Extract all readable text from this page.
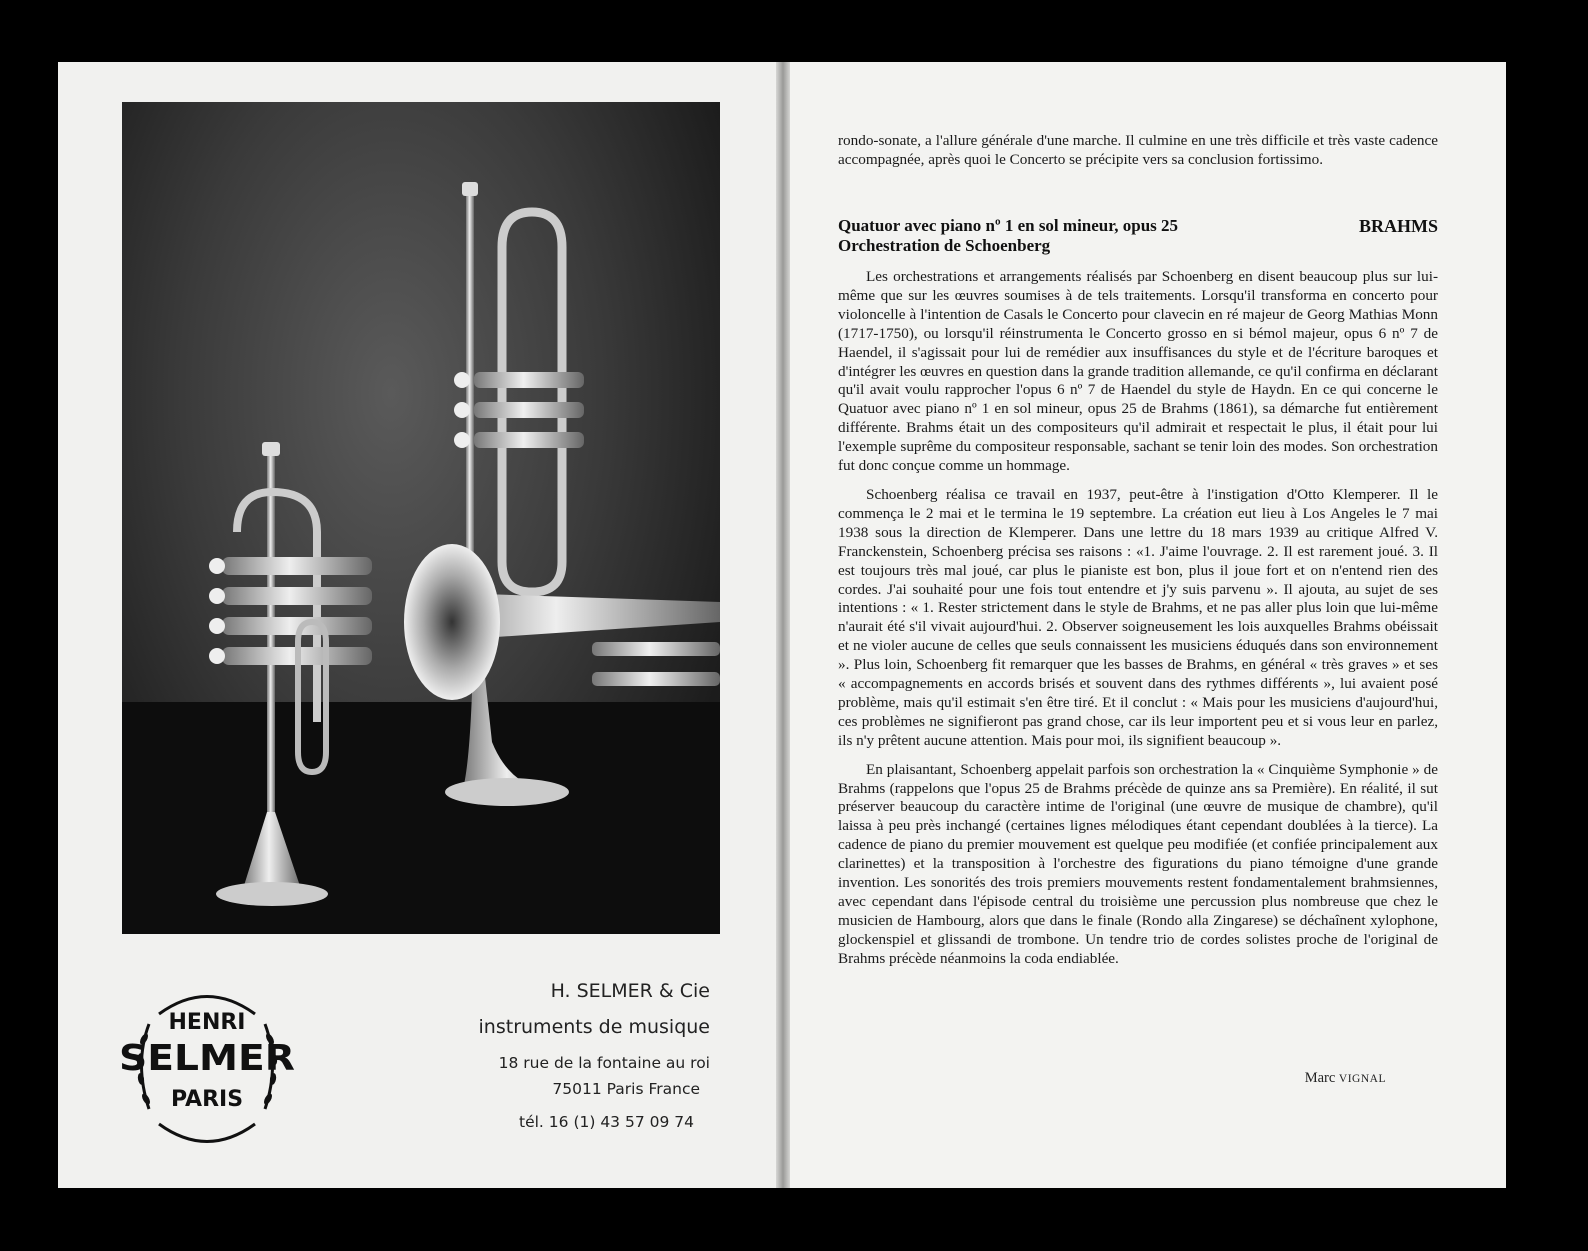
HENRI
SELMER
PARIS
H. SELMER & Cie
instruments de musique
18 rue de la fontaine au roi
75011 Paris France
tél. 16 (1) 43 57 09 74

rondo-sonate, a l'allure générale d'une marche. Il culmine en une très difficile et très vaste cadence accompagnée, après quoi le Concerto se précipite vers sa conclusion fortissimo.

Quatuor avec piano nº 1 en sol mineur, opus 25
Orchestration de Schoenberg
BRAHMS

Les orchestrations et arrangements réalisés par Schoenberg en disent beaucoup plus sur lui-même que sur les œuvres soumises à de tels traitements. Lorsqu'il transforma en concerto pour violoncelle à l'intention de Casals le Concerto pour clavecin en ré majeur de Georg Mathias Monn (1717-1750), ou lorsqu'il réinstrumenta le Concerto grosso en si bémol majeur, opus 6 nº 7 de Haendel, il s'agissait pour lui de remédier aux insuffisances du style et de l'écriture baroques et d'intégrer les œuvres en question dans la grande tradition allemande, ce qu'il confirma en déclarant qu'il avait voulu rapprocher l'opus 6 nº 7 de Haendel du style de Haydn. En ce qui concerne le Quatuor avec piano nº 1 en sol mineur, opus 25 de Brahms (1861), sa démarche fut entièrement différente. Brahms était un des compositeurs qu'il admirait et respectait le plus, il était pour lui l'exemple suprême du compositeur responsable, sachant se tenir loin des modes. Son orchestration fut donc conçue comme un hommage.

Schoenberg réalisa ce travail en 1937, peut-être à l'instigation d'Otto Klemperer. Il le commença le 2 mai et le termina le 19 septembre. La création eut lieu à Los Angeles le 7 mai 1938 sous la direction de Klemperer. Dans une lettre du 18 mars 1939 au critique Alfred V. Franckenstein, Schoenberg précisa ses raisons : «1. J'aime l'ouvrage. 2. Il est rarement joué. 3. Il est toujours très mal joué, car plus le pianiste est bon, plus il joue fort et on n'entend rien des cordes. J'ai souhaité pour une fois tout entendre et j'y suis parvenu ». Il ajouta, au sujet de ses intentions : « 1. Rester strictement dans le style de Brahms, et ne pas aller plus loin que lui-même n'aurait été s'il vivait aujourd'hui. 2. Observer soigneusement les lois auxquelles Brahms obéissait et ne violer aucune de celles que seuls connaissent les musiciens éduqués dans son environnement ». Plus loin, Schoenberg fit remarquer que les basses de Brahms, en général « très graves » et ses « accompagnements en accords brisés et souvent dans des rythmes différents », lui avaient posé problème, mais qu'il estimait s'en être tiré. Et il conclut : « Mais pour les musiciens d'aujourd'hui, ces problèmes ne signifieront pas grand chose, car ils leur importent peu et si vous leur en parlez, ils n'y prêtent aucune attention. Mais pour moi, ils signifient beaucoup ».

En plaisantant, Schoenberg appelait parfois son orchestration la « Cinquième Symphonie » de Brahms (rappelons que l'opus 25 de Brahms précède de quinze ans sa Première). En réalité, il sut préserver beaucoup du caractère intime de l'original (une œuvre de musique de chambre), qu'il laissa à peu près inchangé (certaines lignes mélodiques étant cependant doublées à la tierce). La cadence de piano du premier mouvement est quelque peu modifiée (et confiée principalement aux clarinettes) et la transposition à l'orchestre des figurations du piano témoigne d'une grande invention. Les sonorités des trois premiers mouvements restent fondamentalement brahmsiennes, avec cependant dans l'épisode central du troisième une percussion plus nombreuse que chez le musicien de Hambourg, alors que dans le finale (Rondo alla Zingarese) se déchaînent xylophone, glockenspiel et glissandi de trombone. Un tendre trio de cordes solistes proche de l'original de Brahms précède néanmoins la coda endiablée.

Marc VIGNAL
